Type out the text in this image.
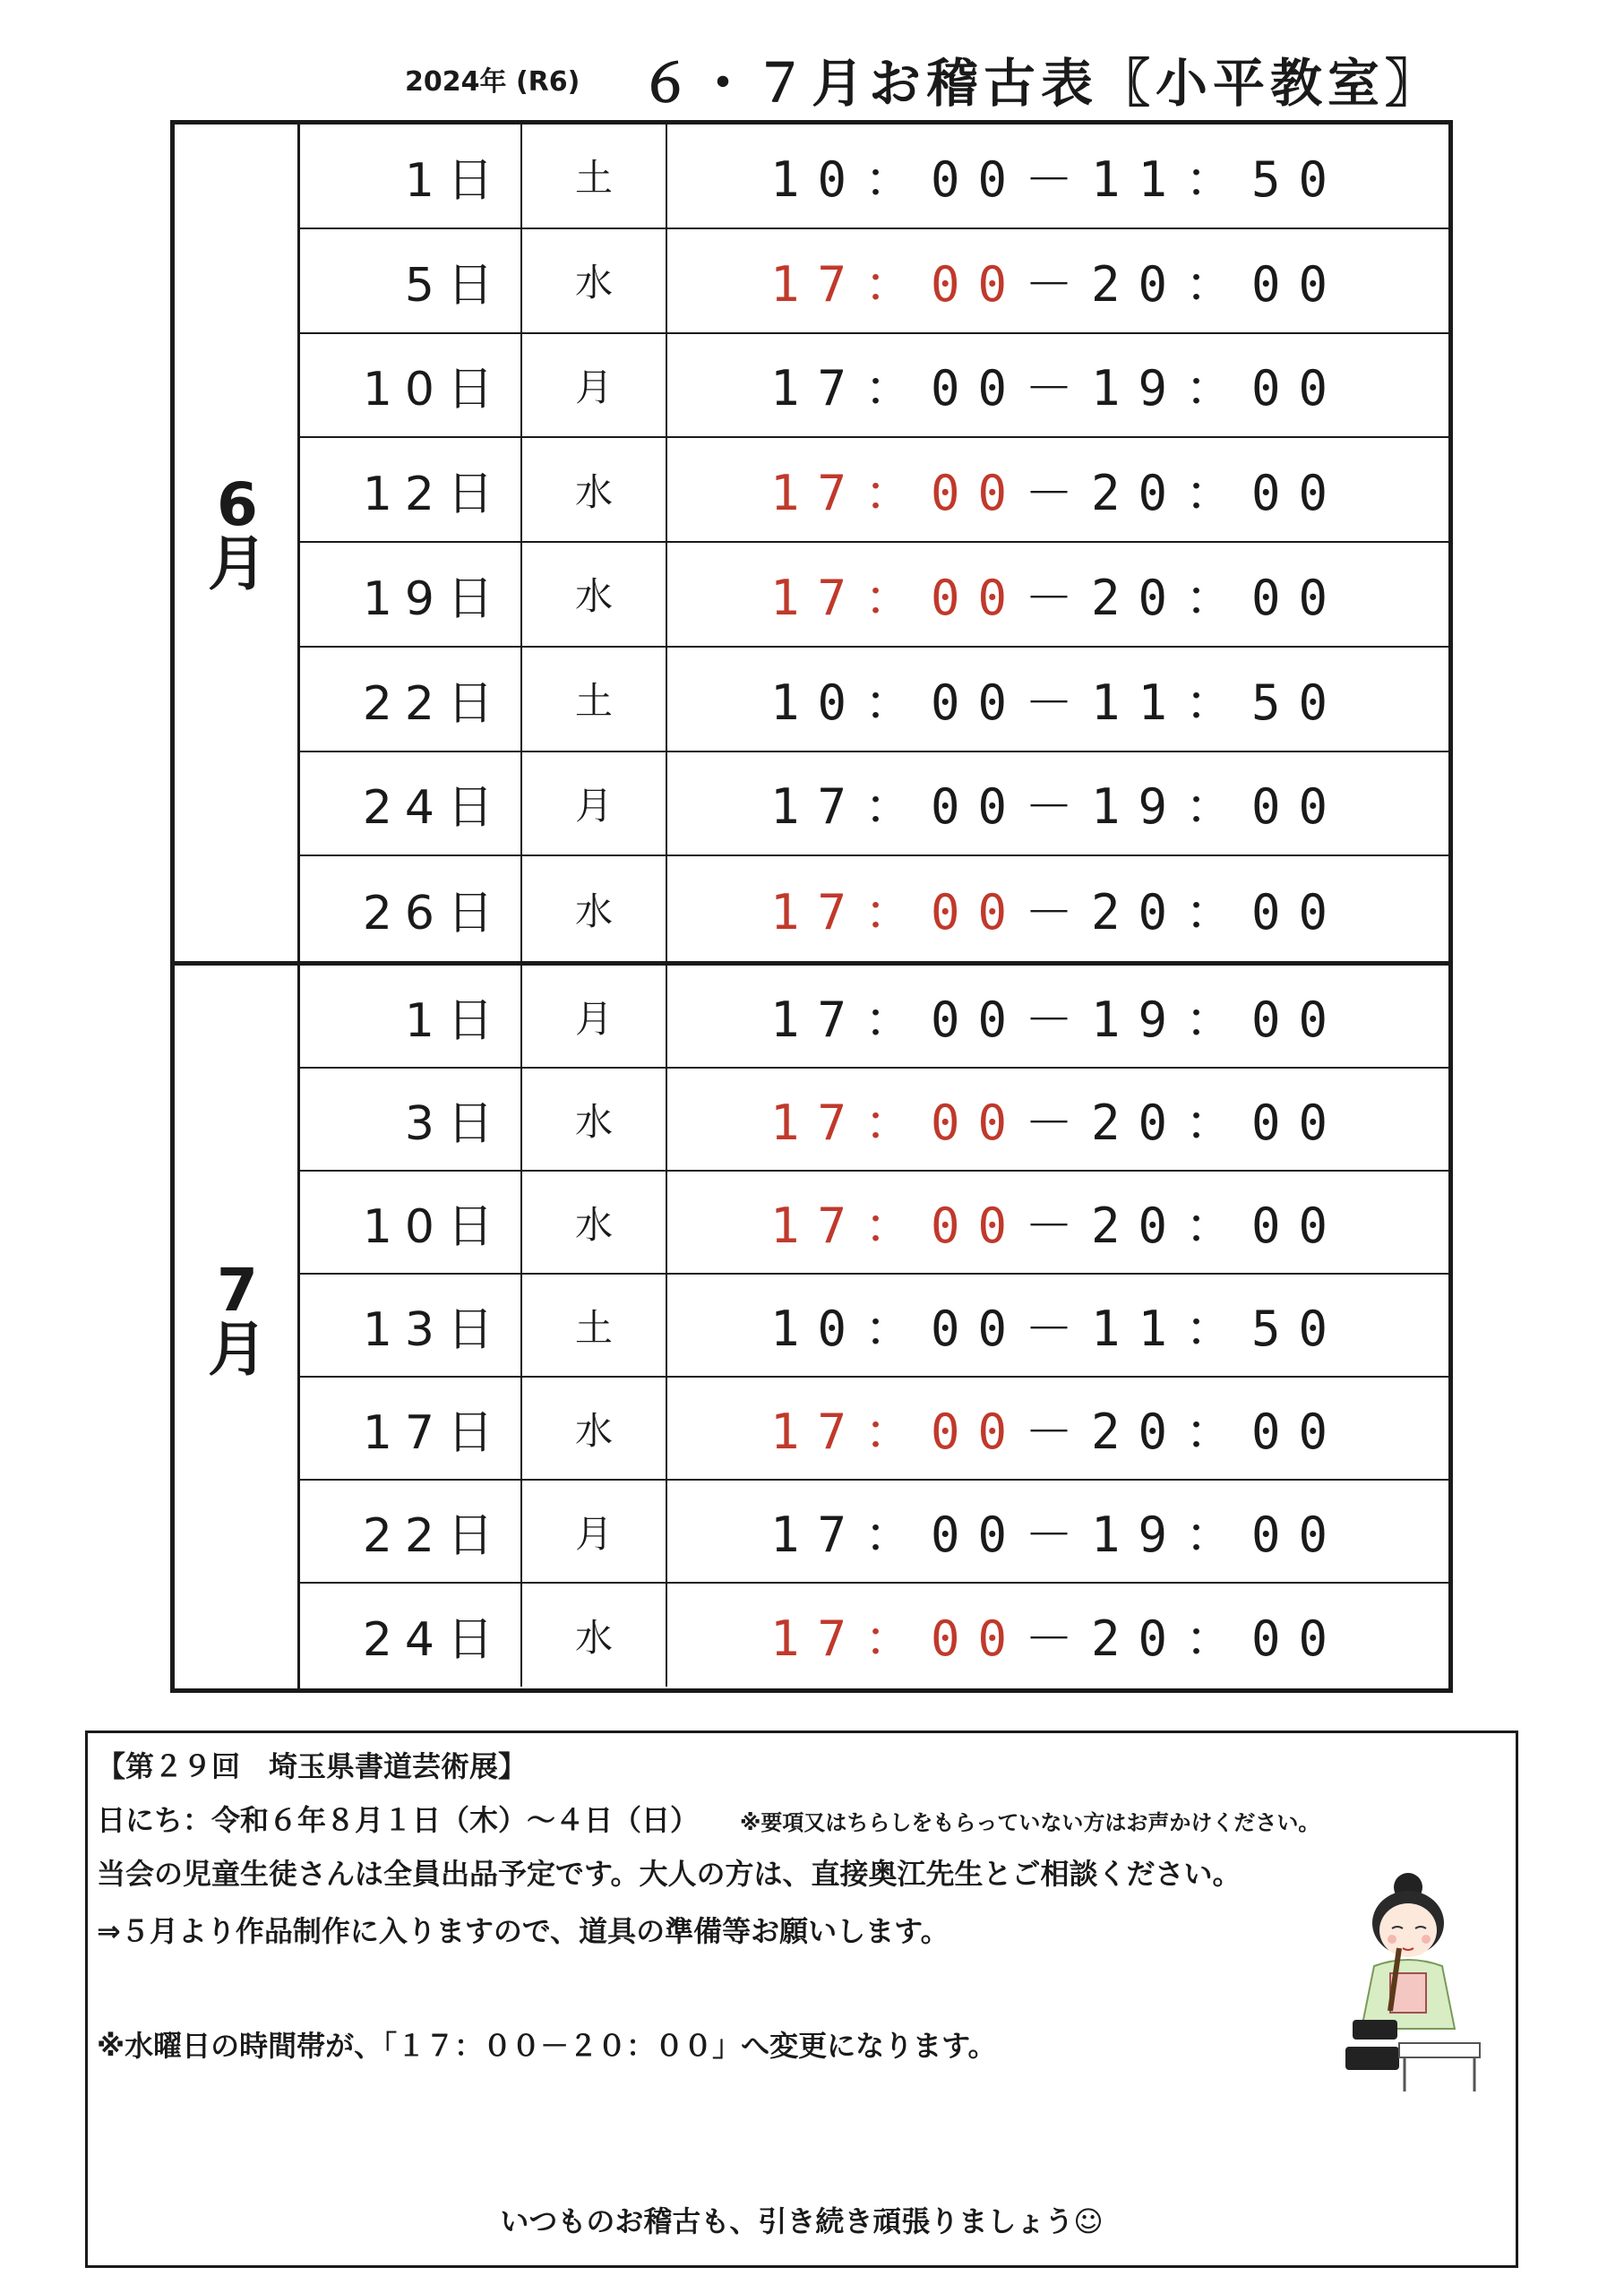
2024年 (R6) ６・７月お稽古表〖小平教室〗
6
月
1日	土	10：00 －11：50
5日	水	17：00 －20：00
10日	月	17：00 －19：00
12日	水	17：00 －20：00
19日	水	17：00 －20：00
22日	土	10：00 －11：50
24日	月	17：00 －19：00
26日	水	17：00 －20：00
7
月
1日	月	17：00 －19：00
3日	水	17：00 －20：00
10日	水	17：00 －20：00
13日	土	10：00 －11：50
17日	水	17：00 －20：00
22日	月	17：00 －19：00
24日	水	17：00 －20：00
【第２９回　埼玉県書道芸術展】
日にち：令和６年８月１日（木）～４日（日） ※要項又はちらしをもらっていない方はお声かけください。
当会の児童生徒さんは全員出品予定です。大人の方は、直接奥江先生とご相談ください。
⇒５月より作品制作に入りますので、道具の準備等お願いします。
※水曜日の時間帯が、「１７：００－２０：００」へ変更になります。
いつものお稽古も、引き続き頑張りましょう☺
